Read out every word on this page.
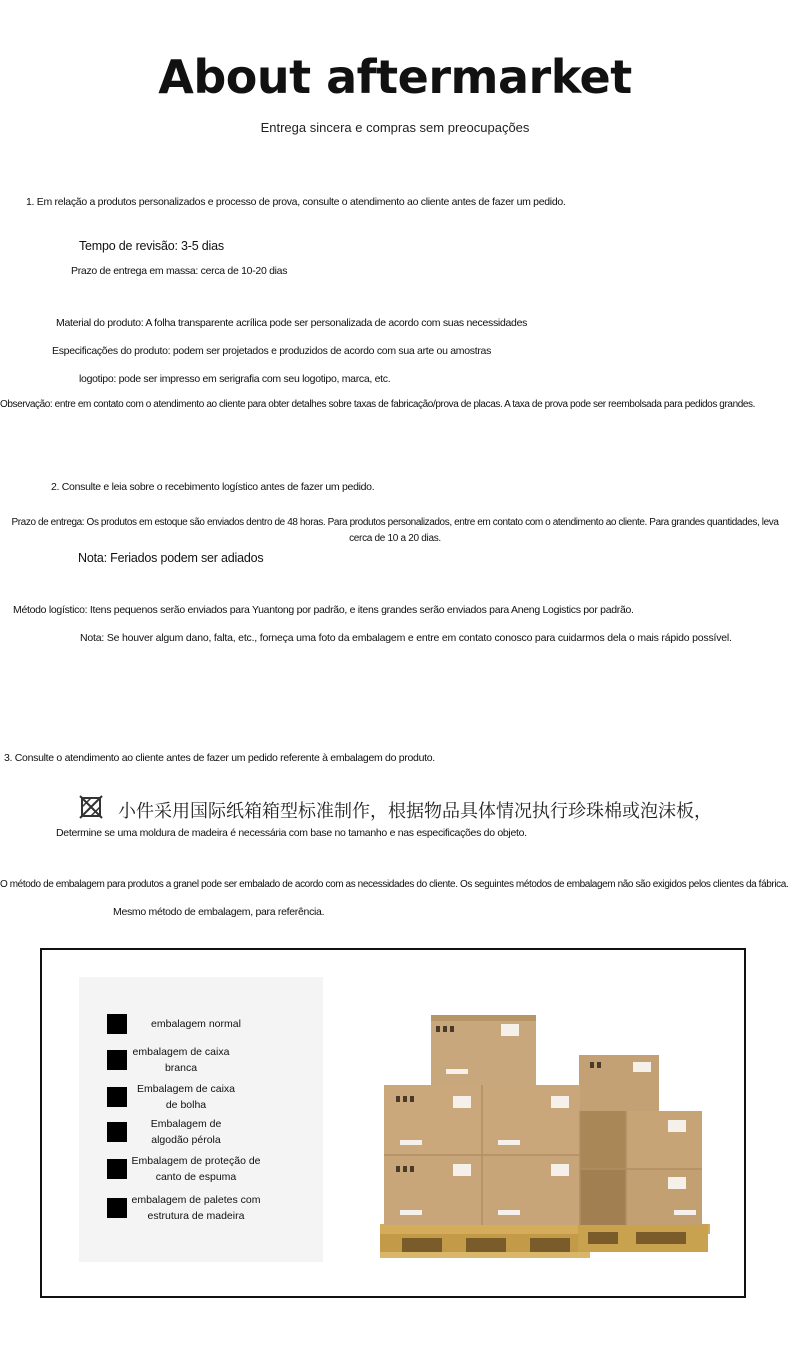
About aftermarket
Entrega sincera e compras sem preocupações
1. Em relação a produtos personalizados e processo de prova, consulte o atendimento ao cliente antes de fazer um pedido.
Tempo de revisão: 3-5 dias
Prazo de entrega em massa: cerca de 10-20 dias
Material do produto: A folha transparente acrílica pode ser personalizada de acordo com suas necessidades
Especificações do produto: podem ser projetados e produzidos de acordo com sua arte ou amostras
logotipo: pode ser impresso em serigrafia com seu logotipo, marca, etc.
Observação: entre em contato com o atendimento ao cliente para obter detalhes sobre taxas de fabricação/prova de placas. A taxa de prova pode ser reembolsada para pedidos grandes.
2. Consulte e leia sobre o recebimento logístico antes de fazer um pedido.
Prazo de entrega: Os produtos em estoque são enviados dentro de 48 horas. Para produtos personalizados, entre em contato com o atendimento ao cliente. Para grandes quantidades, leva
cerca de 10 a 20 dias.
Nota: Feriados podem ser adiados
Método logístico: Itens pequenos serão enviados para Yuantong por padrão, e itens grandes serão enviados para Aneng Logistics por padrão.
Nota: Se houver algum dano, falta, etc., forneça uma foto da embalagem e entre em contato conosco para cuidarmos dela o mais rápido possível.
3. Consulte o atendimento ao cliente antes de fazer um pedido referente à embalagem do produto.
小件采用国际纸箱箱型标准制作，根据物品具体情况执行珍珠棉或泡沫板，
Determine se uma moldura de madeira é necessária com base no tamanho e nas especificações do objeto.
O método de embalagem para produtos a granel pode ser embalado de acordo com as necessidades do cliente. Os seguintes métodos de embalagem não são exigidos pelos clientes da fábrica.
Mesmo método de embalagem, para referência.
embalagem normal
embalagem de caixa branca
Embalagem de caixa de bolha
Embalagem de algodão pérola
Embalagem de proteção de canto de espuma
embalagem de paletes com estrutura de madeira
